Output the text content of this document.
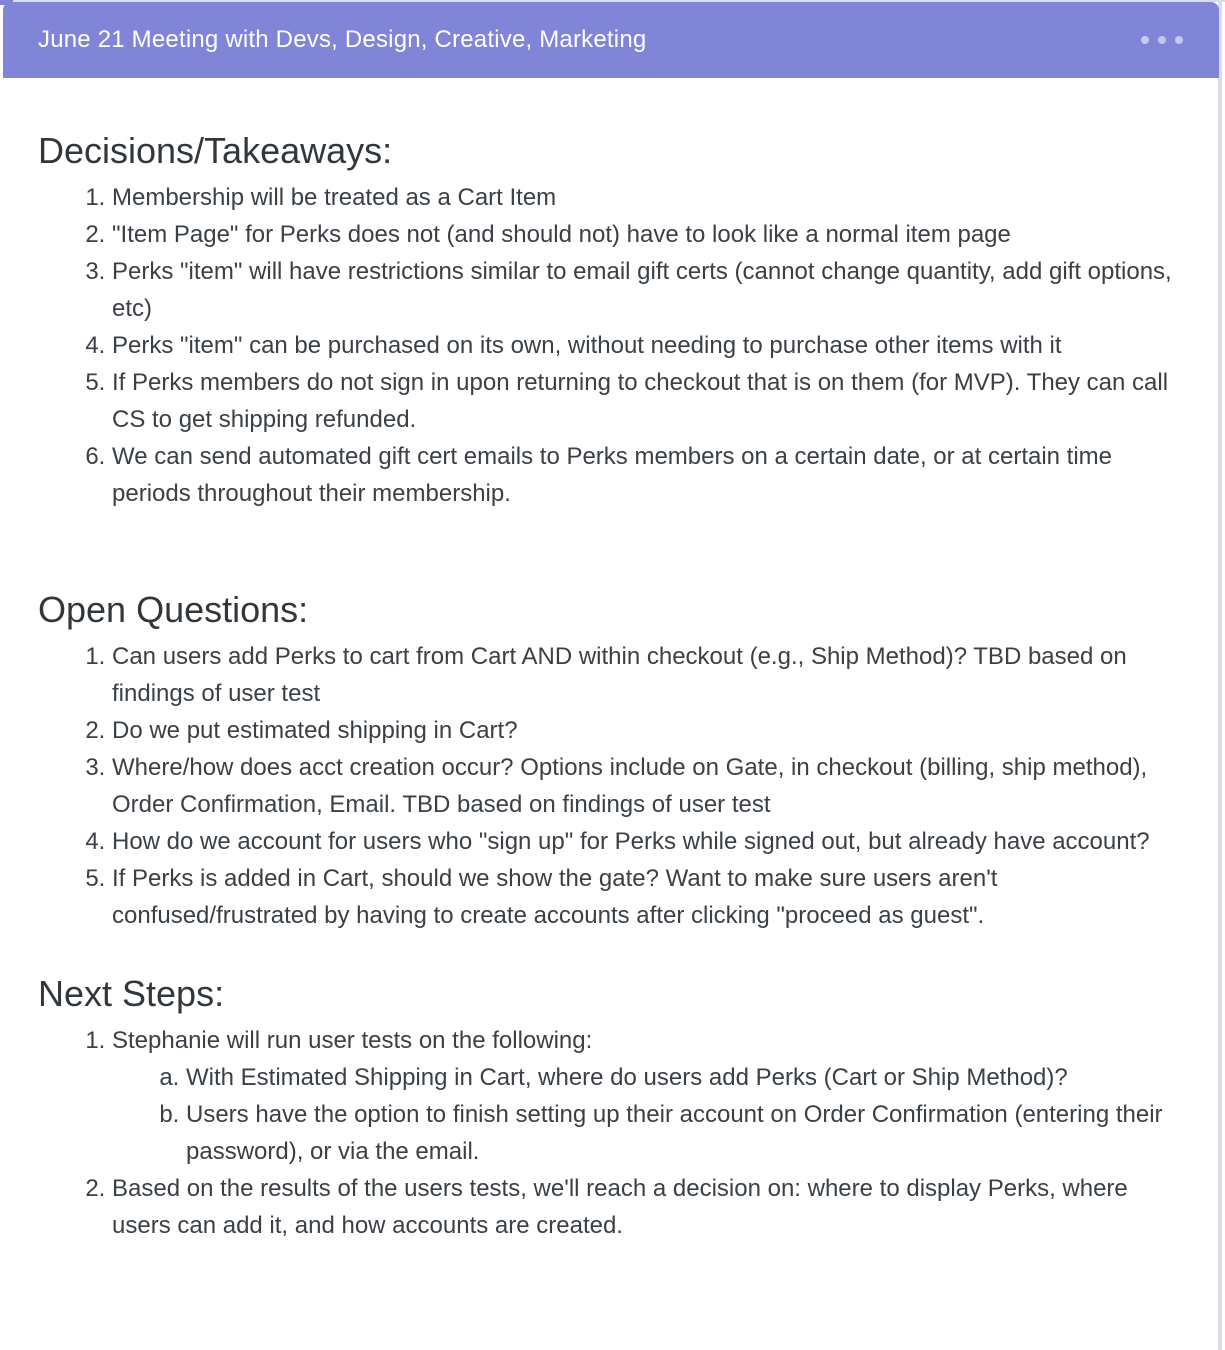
June 21 Meeting with Devs, Design, Creative, Marketing
Decisions/Takeaways:
1. Membership will be treated as a Cart Item
2. "Item Page" for Perks does not (and should not) have to look like a normal item page
3. Perks "item" will have restrictions similar to email gift certs (cannot change quantity, add gift options, etc)
4. Perks "item" can be purchased on its own, without needing to purchase other items with it
5. If Perks members do not sign in upon returning to checkout that is on them (for MVP). They can call CS to get shipping refunded.
6. We can send automated gift cert emails to Perks members on a certain date, or at certain time periods throughout their membership.
Open Questions:
1. Can users add Perks to cart from Cart AND within checkout (e.g., Ship Method)? TBD based on findings of user test
2. Do we put estimated shipping in Cart?
3. Where/how does acct creation occur? Options include on Gate, in checkout (billing, ship method), Order Confirmation, Email. TBD based on findings of user test
4. How do we account for users who "sign up" for Perks while signed out, but already have account?
5. If Perks is added in Cart, should we show the gate? Want to make sure users aren't confused/frustrated by having to create accounts after clicking "proceed as guest".
Next Steps:
1. Stephanie will run user tests on the following:
a. With Estimated Shipping in Cart, where do users add Perks (Cart or Ship Method)?
b. Users have the option to finish setting up their account on Order Confirmation (entering their password), or via the email.
2. Based on the results of the users tests, we'll reach a decision on: where to display Perks, where users can add it, and how accounts are created.
